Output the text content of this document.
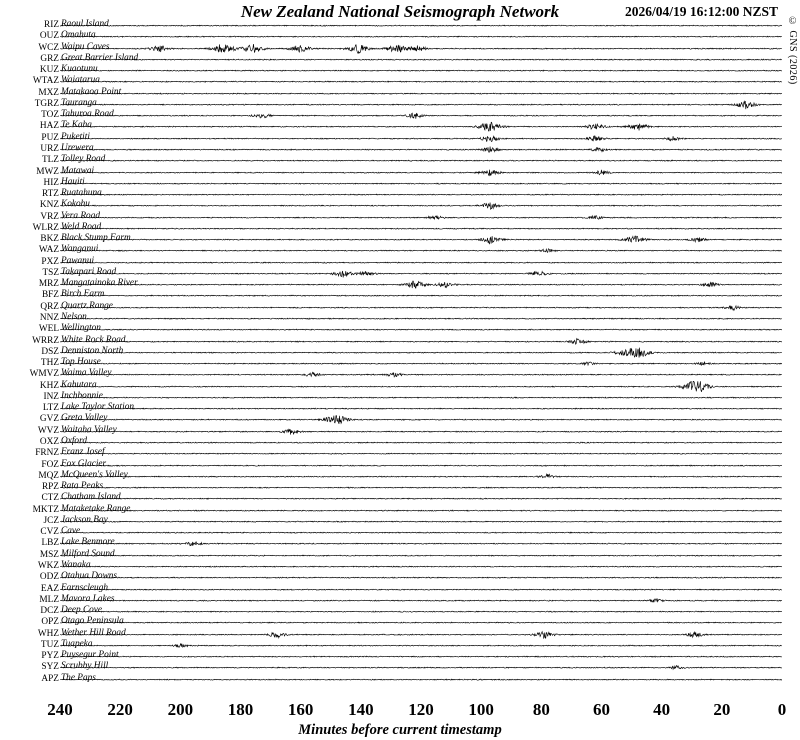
New Zealand National Seismograph Network	2026/04/19 16:12:00 NZST
© GNS (2026)
Minutes before current timestamp
240 220 200 180 160 140 120 100 80	60	40	20	0
RIZ Raoul Island
OUZ Omahuta
WCZ Waipu Caves
GRZ Great Barrier Island
KUZ Kuaotunu
WTAZ Waiatarua
MXZ Matakaoa Point
TGRZ Tauranga
TOZ Tahuroa Road
HAZ Te Kaha
PUZ Puketiti
URZ Urewera
TLZ Tolley Road
MWZ Matawai
HIZ Hauiti
RTZ Ruatahuna
KNZ Kokohu
VRZ Vera Road
WLRZ Weld Road
BKZ Black Stump Farm
WAZ Wanganui
PXZ Pawanui
TSZ Takapari Road
MRZ Mangatainoka River
BFZ Birch Farm
QRZ Quartz Range
NNZ Nelson
WEL Wellington
WRRZ White Rock Road
DSZ Denniston North
THZ Top House
WMVZ Waima Valley
KHZ Kahutara
INZ Inchbonnie
LTZ Lake Taylor Station
GVZ Greta Valley
WVZ Waitaha Valley
OXZ Oxford
FRNZ Franz Josef
FOZ Fox Glacier
MQZ McQueen's Valley
RPZ Rata Peaks
CTZ Chatham Island
MKTZ Mataketake Range
JCZ Jackson Bay
CVZ Cave
LBZ Lake Benmore
MSZ Milford Sound
WKZ Wanaka
ODZ Otahua Downs
EAZ Earnscleugh
MLZ Mavora Lakes
DCZ Deep Cove
OPZ Otago Peninsula
WHZ Wether Hill Road
TUZ Tuapeka
PYZ Puysegur Point
SYZ Scrubby Hill
APZ The Paps
